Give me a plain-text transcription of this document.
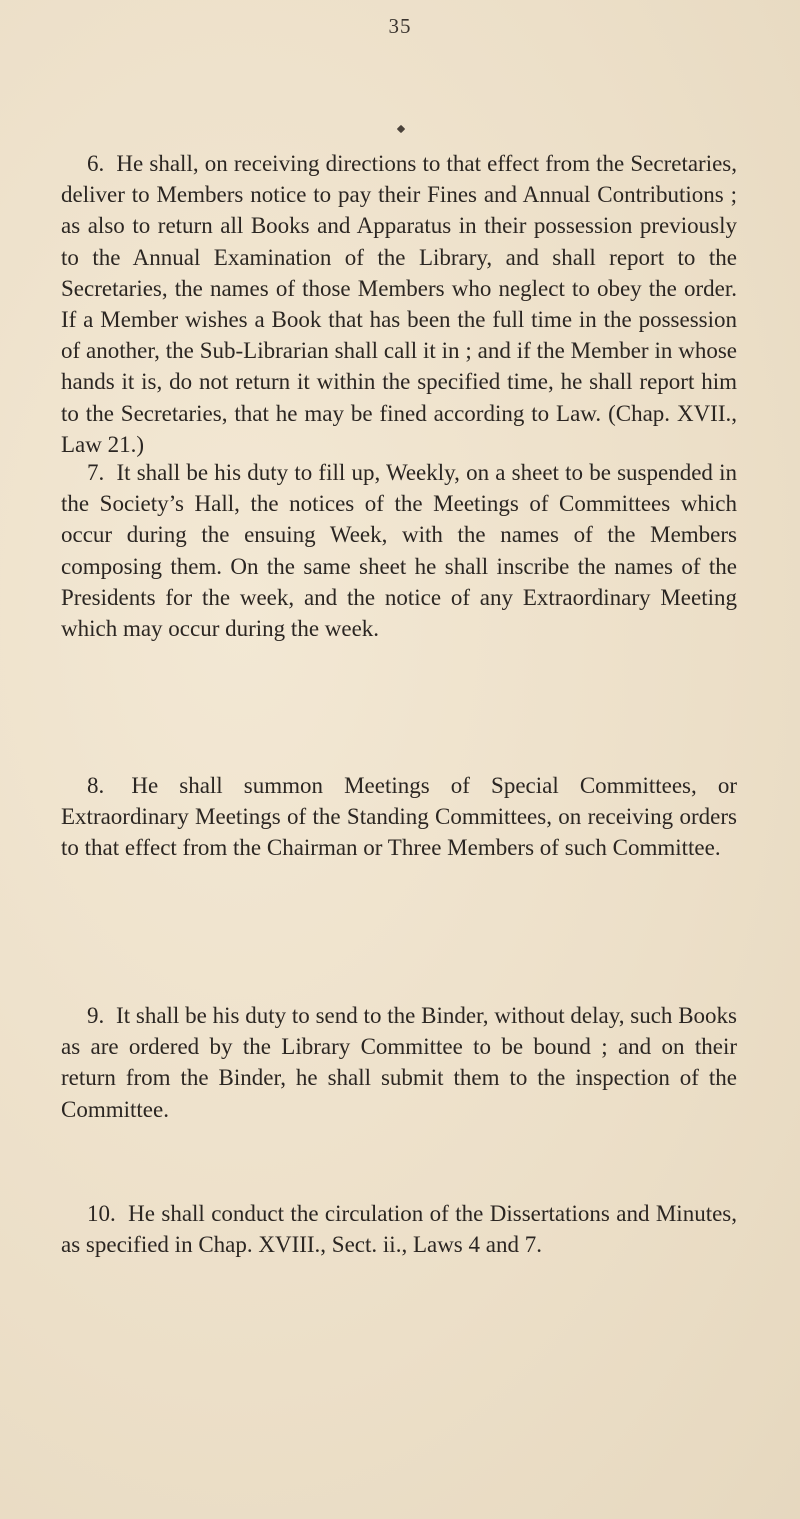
35

6. He shall, on receiving directions to that effect from the Secretaries, deliver to Members notice to pay their Fines and Annual Contributions ; as also to return all Books and Apparatus in their possession previously to the Annual Examination of the Library, and shall report to the Secretaries, the names of those Members who neglect to obey the order. If a Member wishes a Book that has been the full time in the possession of another, the Sub-Librarian shall call it in ; and if the Member in whose hands it is, do not return it within the specified time, he shall report him to the Secretaries, that he may be fined according to Law. (Chap. XVII., Law 21.)

7. It shall be his duty to fill up, Weekly, on a sheet to be suspended in the Society’s Hall, the notices of the Meetings of Committees which occur during the ensuing Week, with the names of the Members composing them. On the same sheet he shall inscribe the names of the Presidents for the week, and the notice of any Extraordinary Meeting which may occur during the week.

8. He shall summon Meetings of Special Committees, or Extraordinary Meetings of the Standing Committees, on receiving orders to that effect from the Chairman or Three Members of such Committee.

9. It shall be his duty to send to the Binder, without delay, such Books as are ordered by the Library Committee to be bound ; and on their return from the Binder, he shall submit them to the inspection of the Committee.

10. He shall conduct the circulation of the Dissertations and Minutes, as specified in Chap. XVIII., Sect. ii., Laws 4 and 7.
